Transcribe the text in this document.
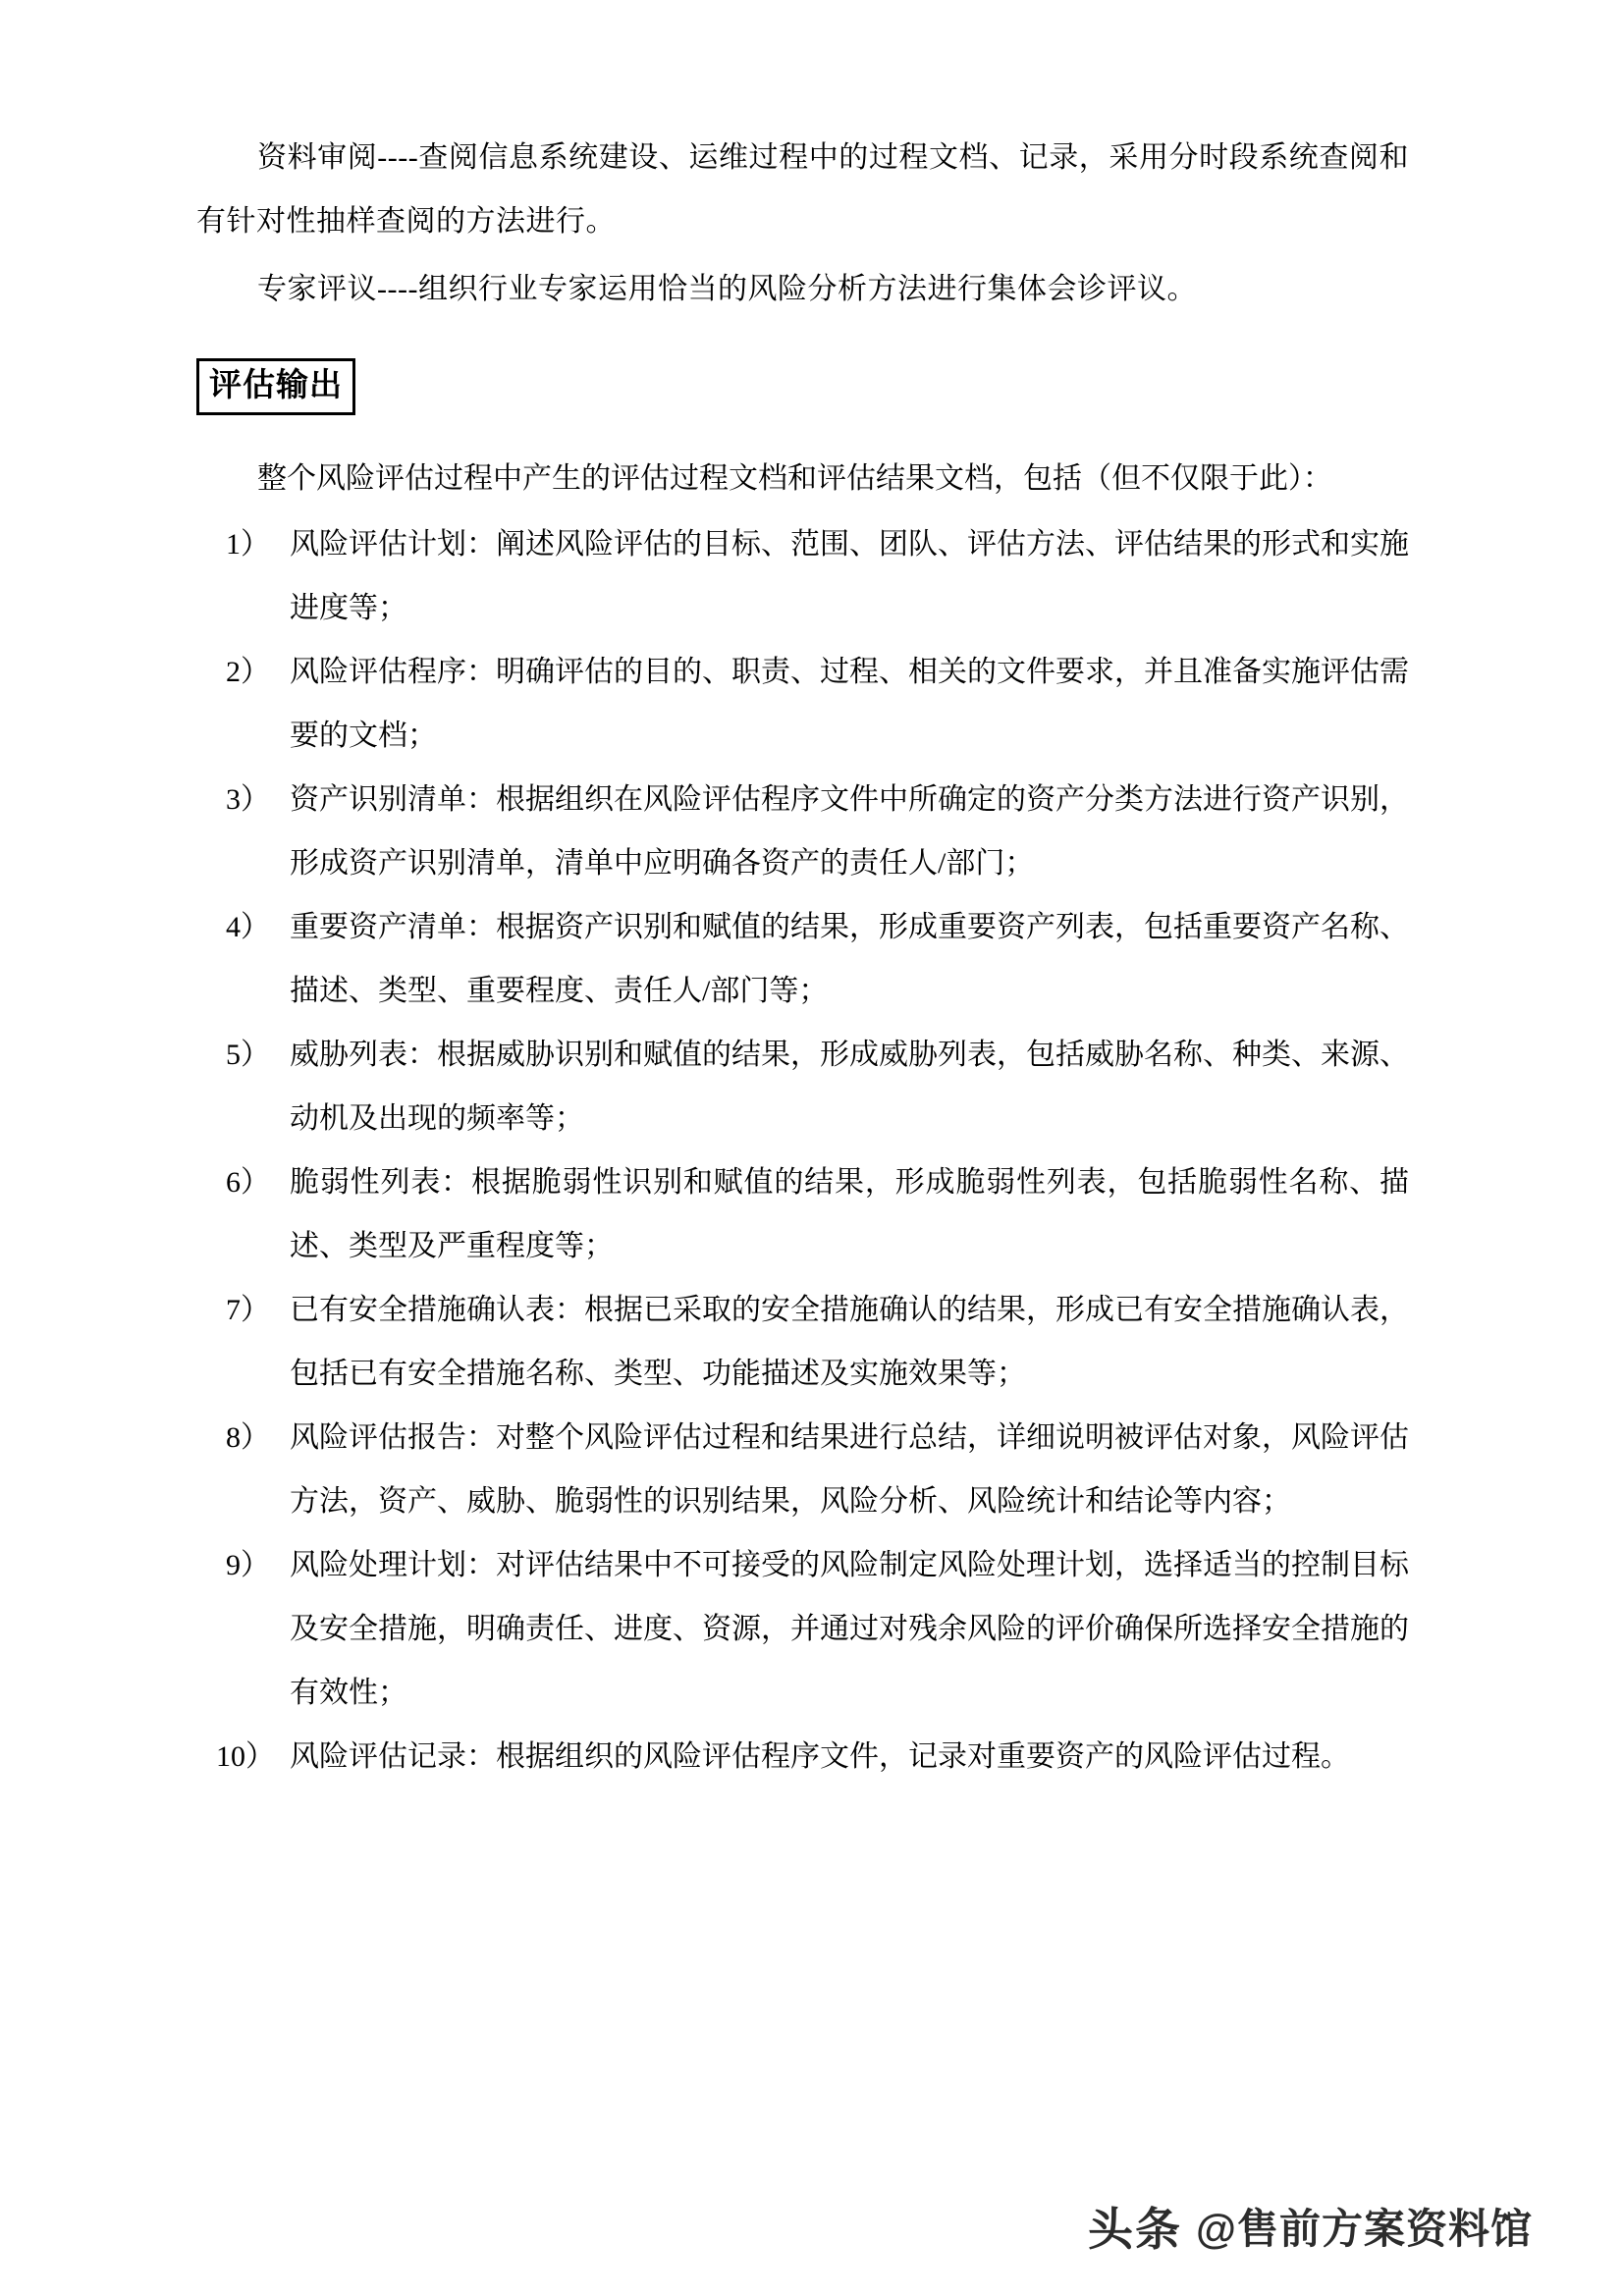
资料审阅----查阅信息系统建设、运维过程中的过程文档、记录，采用分时段系统查阅和有针对性抽样查阅的方法进行。

专家评议----组织行业专家运用恰当的风险分析方法进行集体会诊评议。

评估输出

整个风险评估过程中产生的评估过程文档和评估结果文档，包括（但不仅限于此）：

1） 风险评估计划：阐述风险评估的目标、范围、团队、评估方法、评估结果的形式和实施进度等；
2） 风险评估程序：明确评估的目的、职责、过程、相关的文件要求，并且准备实施评估需要的文档；
3） 资产识别清单：根据组织在风险评估程序文件中所确定的资产分类方法进行资产识别，形成资产识别清单，清单中应明确各资产的责任人/部门；
4） 重要资产清单：根据资产识别和赋值的结果，形成重要资产列表，包括重要资产名称、描述、类型、重要程度、责任人/部门等；
5） 威胁列表：根据威胁识别和赋值的结果，形成威胁列表，包括威胁名称、种类、来源、动机及出现的频率等；
6） 脆弱性列表：根据脆弱性识别和赋值的结果，形成脆弱性列表，包括脆弱性名称、描述、类型及严重程度等；
7） 已有安全措施确认表：根据已采取的安全措施确认的结果，形成已有安全措施确认表，包括已有安全措施名称、类型、功能描述及实施效果等；
8） 风险评估报告：对整个风险评估过程和结果进行总结，详细说明被评估对象，风险评估方法，资产、威胁、脆弱性的识别结果，风险分析、风险统计和结论等内容；
9） 风险处理计划：对评估结果中不可接受的风险制定风险处理计划，选择适当的控制目标及安全措施，明确责任、进度、资源，并通过对残余风险的评价确保所选择安全措施的有效性；
10） 风险评估记录：根据组织的风险评估程序文件，记录对重要资产的风险评估过程。
头条 @售前方案资料馆
